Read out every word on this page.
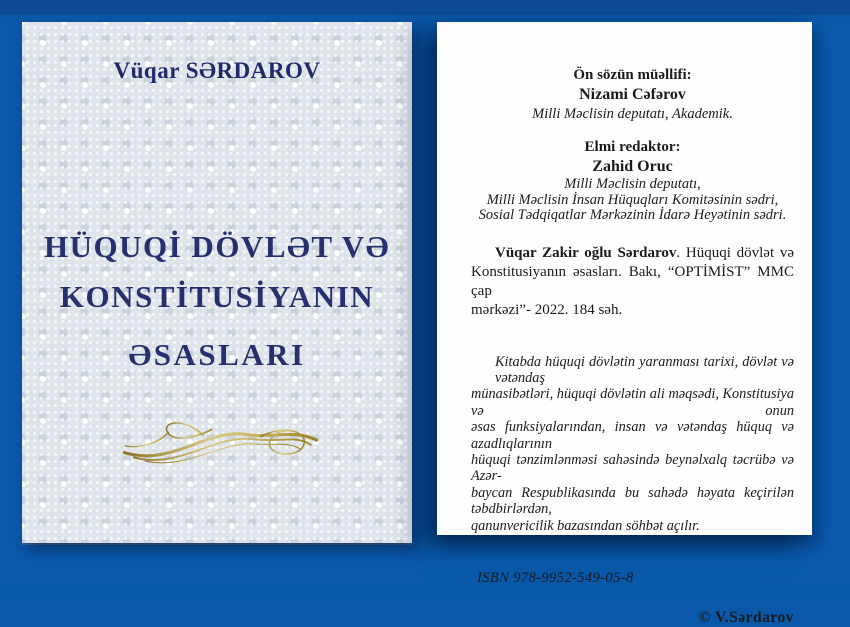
Vüqar SƏRDAROV
HÜQUQİ DÖVLƏT VƏ
KONSTİTUSİYANIN
ƏSASLARI
Ön sözün müəllifi:
Nizami Cəfərov
Milli Məclisin deputatı, Akademik.
Elmi redaktor:
Zahid Oruc
Milli Məclisin deputatı,
Milli Məclisin İnsan Hüquqları Komitəsinin sədri,
Sosial Tədqiqatlar Mərkəzinin İdarə Heyətinin sədri.
Vüqar Zakir oğlu Sərdarov. Hüquqi dövlət və
Konstitusiyanın əsasları. Bakı, “OPTİMİST” MMC çap
mərkəzi”- 2022. 184 səh.
Kitabda hüquqi dövlətin yaranması tarixi, dövlət və vətəndaş
münasibətləri, hüquqi dövlətin ali məqsədi, Konstitusiya və onun
əsas funksiyalarından, insan və vətəndaş hüquq və azadlıqlarının
hüquqi tənzimlənməsi sahəsində beynəlxalq təcrübə və Azər-
baycan Respublikasında bu sahədə həyata keçirilən təbdbirlərdən,
qanunvericilik bazasından söhbət açılır.
ISBN 978-9952-549-05-8
© V.Sərdarov
